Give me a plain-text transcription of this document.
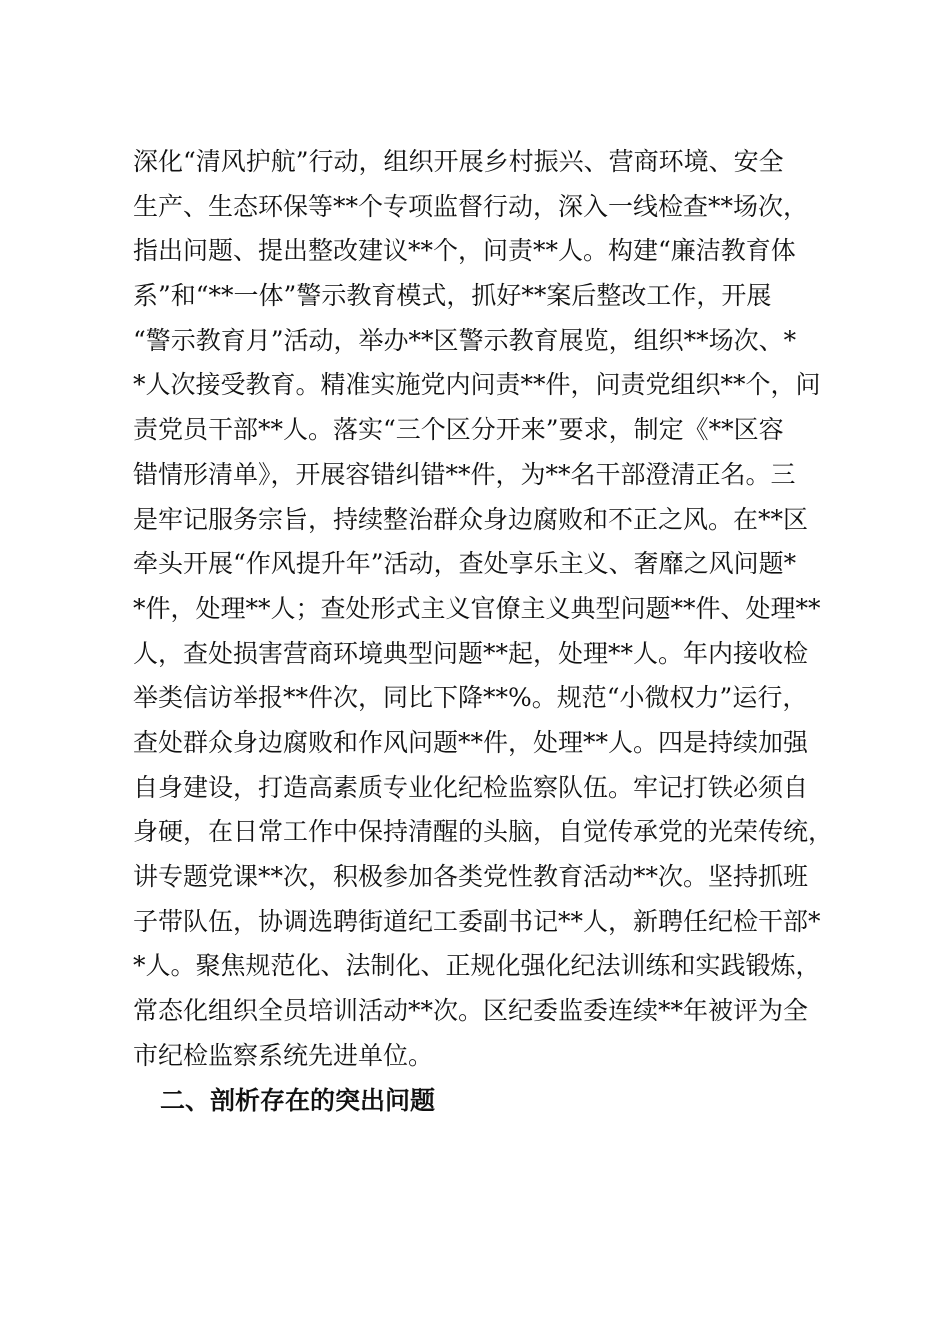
深化“清风护航”行动，组织开展乡村振兴、营商环境、安全
生产、生态环保等**个专项监督行动，深入一线检查**场次，
指出问题、提出整改建议**个，问责**人。构建“廉洁教育体
系”和“**一体”警示教育模式，抓好**案后整改工作，开展
“警示教育月”活动，举办**区警示教育展览，组织**场次、*
*人次接受教育。精准实施党内问责**件，问责党组织**个，问
责党员干部**人。落实“三个区分开来”要求，制定《**区容
错情形清单》，开展容错纠错**件，为**名干部澄清正名。三
是牢记服务宗旨，持续整治群众身边腐败和不正之风。在**区
牵头开展“作风提升年”活动，查处享乐主义、奢靡之风问题*
*件，处理**人；查处形式主义官僚主义典型问题**件、处理**
人，查处损害营商环境典型问题**起，处理**人。年内接收检
举类信访举报**件次，同比下降**%。规范“小微权力”运行，
查处群众身边腐败和作风问题**件，处理**人。四是持续加强
自身建设，打造高素质专业化纪检监察队伍。牢记打铁必须自
身硬，在日常工作中保持清醒的头脑，自觉传承党的光荣传统，
讲专题党课**次，积极参加各类党性教育活动**次。坚持抓班
子带队伍，协调选聘街道纪工委副书记**人，新聘任纪检干部*
*人。聚焦规范化、法制化、正规化强化纪法训练和实践锻炼，
常态化组织全员培训活动**次。区纪委监委连续**年被评为全
市纪检监察系统先进单位。
二、剖析存在的突出问题
